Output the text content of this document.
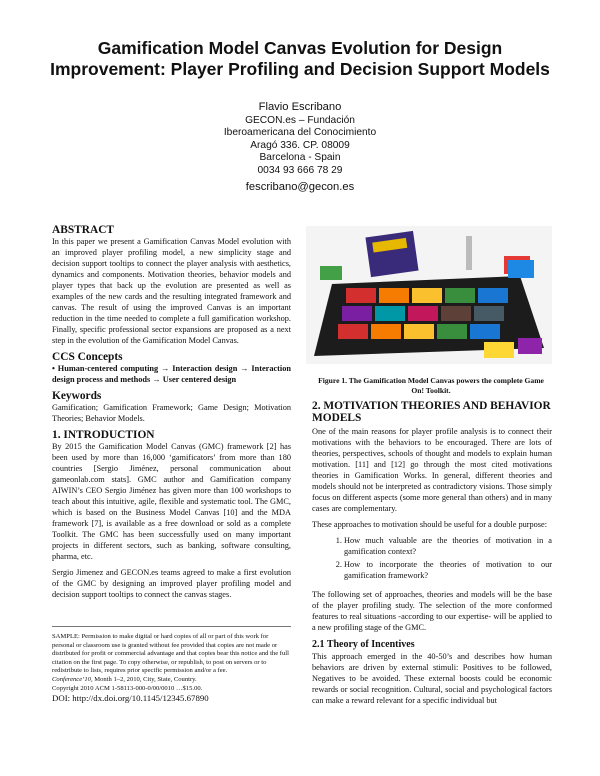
Gamification Model Canvas Evolution for Design Improvement: Player Profiling and Decision Support Models
Flavio Escribano
GECON.es – Fundación
Iberoamericana del Conocimiento
Aragó 336. CP. 08009
Barcelona - Spain
0034 93 666 78 29
fescribano@gecon.es
ABSTRACT

In this paper we present a Gamification Canvas Model evolution with an improved player profiling model, a new simplicity stage and decision support tooltips to connect the player analysis with aesthetics, dynamics and components. Motivation theories, behavior models and player types that back up the evolution are presented as well as examples of the new cards and the resulting integrated framework and canvas. The result of using the improved Canvas is an important reduction in the time needed to complete a full gamification workshop. Finally, specific professional sector expansions are proposed as a next step in the evolution of the Gamification Model Canvas.

CCS Concepts

• Human-centered computing → Interaction design → Interaction design process and methods → User centered design

Keywords

Gamification; Gamification Framework; Game Design; Motivation Theories; Behavior Models.

1. INTRODUCTION

By 2015 the Gamification Model Canvas (GMC) framework [2] has been used by more than 16,000 ‘gamificators’ from more than 180 countries [Sergio Jiménez, personal communication about gameonlab.com stats]. GMC author and Gamification company AIWIN’s CEO Sergio Jiménez has given more than 100 workshops to teach about this intuitive, agile, flexible and systematic tool. The GMC, which is based on the Business Model Canvas [10] and the MDA framework [7], is available as a free download or sold as a complete Toolkit. The GMC has been successfully used on many important projects in different sectors, such as banking, software consulting, pharma, etc.

Sergio Jimenez and GECON.es teams agreed to make a first evolution of the GMC by designing an improved player profiling model and decision support tooltips to connect the canvas stages.

SAMPLE: Permission to make digital or hard copies of all or part of this work for personal or classroom use is granted without fee provided that copies are not made or distributed for profit or commercial advantage and that copies bear this notice and the full citation on the first page. To copy otherwise, or republish, to post on servers or to redistribute to lists, requires prior specific permission and/or a fee.
Conference’10, Month 1–2, 2010, City, State, Country.
Copyright 2010 ACM 1-58113-000-0/00/0010 …$15.00.
DOI: http://dx.doi.org/10.1145/12345.67890
Figure 1. The Gamification Model Canvas powers the complete Game On! Toolkit.
2. MOTIVATION THEORIES AND BEHAVIOR MODELS

One of the main reasons for player profile analysis is to connect their motivations with the behaviors to be encouraged. There are lots of theories, perspectives, schools of thought and models to explain human motivation. [11] and [12] go through the most cited motivations theories in Gamification Works. In general, different theories and models should not be interpreted as contradictory visions. Those simply focus on different aspects (some more general than others) and in many cases are complementary.

These approaches to motivation should be useful for a double purpose:

1. How much valuable are the theories of motivation in a gamification context?
2. How to incorporate the theories of motivation to our gamification framework?

The following set of approaches, theories and models will be the base of the player profiling study. The selection of the more conformed features to real situations -according to our expertise- will be applied to a new profiling stage of the GMC.

2.1 Theory of Incentives

This approach emerged in the 40-50’s and describes how human behaviors are driven by external stimuli: Positives to be followed, Negatives to be avoided. These external boosts could be economic rewards or social recognition. Cultural, social and psychological factors can make a reward relevant for a specific individual but
